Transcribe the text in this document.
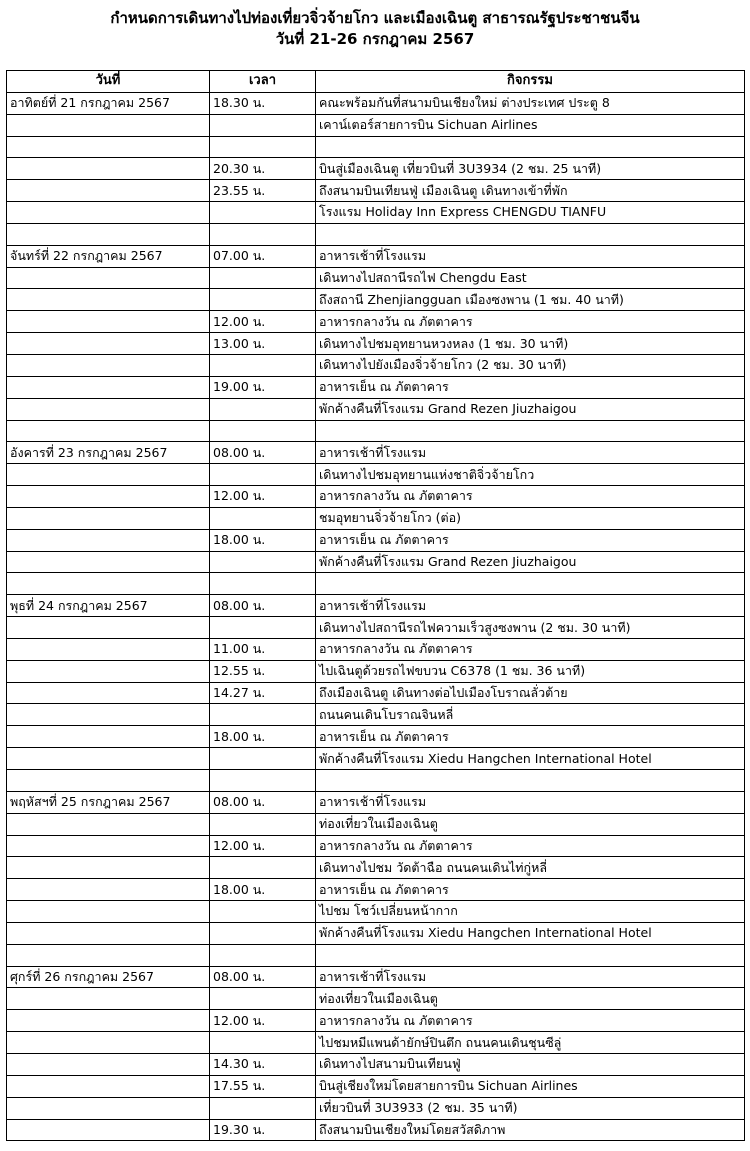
กำหนดการเดินทางไปท่องเที่ยวจิ่วจ้ายโกว และเมืองเฉินตู สาธารณรัฐประชาชนจีน
วันที่ 21-26 กรกฎาคม 2567
วันที่	เวลา	กิจกรรม
อาทิตย์ที่ 21 กรกฎาคม 2567	18.30 น.	คณะพร้อมกันที่สนามบินเชียงใหม่ ต่างประเทศ ประตู 8
		เคาน์เตอร์สายการบิน Sichuan Airlines

	20.30 น.	บินสู่เมืองเฉินตู เที่ยวบินที่ 3U3934 (2 ชม. 25 นาที)
	23.55 น.	ถึงสนามบินเทียนฟู่ เมืองเฉินตู เดินทางเข้าที่พัก
		โรงแรม Holiday Inn Express CHENGDU TIANFU

จันทร์ที่ 22 กรกฎาคม 2567	07.00 น.	อาหารเช้าที่โรงแรม
		เดินทางไปสถานีรถไฟ Chengdu East
		ถึงสถานี Zhenjiangguan เมืองซงพาน (1 ชม. 40 นาที)
	12.00 น.	อาหารกลางวัน ณ ภัตตาคาร
	13.00 น.	เดินทางไปชมอุทยานหวงหลง (1 ชม. 30 นาที)
		เดินทางไปยังเมืองจิ่วจ้ายโกว (2 ชม. 30 นาที)
	19.00 น.	อาหารเย็น ณ ภัตตาคาร
		พักค้างคืนที่โรงแรม Grand Rezen Jiuzhaigou

อังคารที่ 23 กรกฎาคม 2567	08.00 น.	อาหารเช้าที่โรงแรม
		เดินทางไปชมอุทยานแห่งชาติจิ่วจ้ายโกว
	12.00 น.	อาหารกลางวัน ณ ภัตตาคาร
		ชมอุทยานจิ่วจ้ายโกว (ต่อ)
	18.00 น.	อาหารเย็น ณ ภัตตาคาร
		พักค้างคืนที่โรงแรม Grand Rezen Jiuzhaigou

พุธที่ 24 กรกฎาคม 2567	08.00 น.	อาหารเช้าที่โรงแรม
		เดินทางไปสถานีรถไฟความเร็วสูงซงพาน (2 ชม. 30 นาที)
	11.00 น.	อาหารกลางวัน ณ ภัตตาคาร
	12.55 น.	ไปเฉินตูด้วยรถไฟขบวน C6378 (1 ชม. 36 นาที)
	14.27 น.	ถึงเมืองเฉินตู เดินทางต่อไปเมืองโบราณลั่วต้าย
		ถนนคนเดินโบราณจินหลี่
	18.00 น.	อาหารเย็น ณ ภัตตาคาร
		พักค้างคืนที่โรงแรม Xiedu Hangchen International Hotel

พฤหัสฯที่ 25 กรกฎาคม 2567	08.00 น.	อาหารเช้าที่โรงแรม
		ท่องเที่ยวในเมืองเฉินตู
	12.00 น.	อาหารกลางวัน ณ ภัตตาคาร
		เดินทางไปชม วัดต้าฉือ ถนนคนเดินไท่กู่หลี่
	18.00 น.	อาหารเย็น ณ ภัตตาคาร
		ไปชม โชว์เปลี่ยนหน้ากาก
		พักค้างคืนที่โรงแรม Xiedu Hangchen International Hotel

ศุกร์ที่ 26 กรกฎาคม 2567	08.00 น.	อาหารเช้าที่โรงแรม
		ท่องเที่ยวในเมืองเฉินตู
	12.00 น.	อาหารกลางวัน ณ ภัตตาคาร
		ไปชมหมีแพนด้ายักษ์ปินตึก ถนนคนเดินชุนซีลู่
	14.30 น.	เดินทางไปสนามบินเทียนฟู่
	17.55 น.	บินสู่เชียงใหม่โดยสายการบิน Sichuan Airlines
		เที่ยวบินที่ 3U3933 (2 ชม. 35 นาที)
	19.30 น.	ถึงสนามบินเชียงใหม่โดยสวัสดิภาพ
